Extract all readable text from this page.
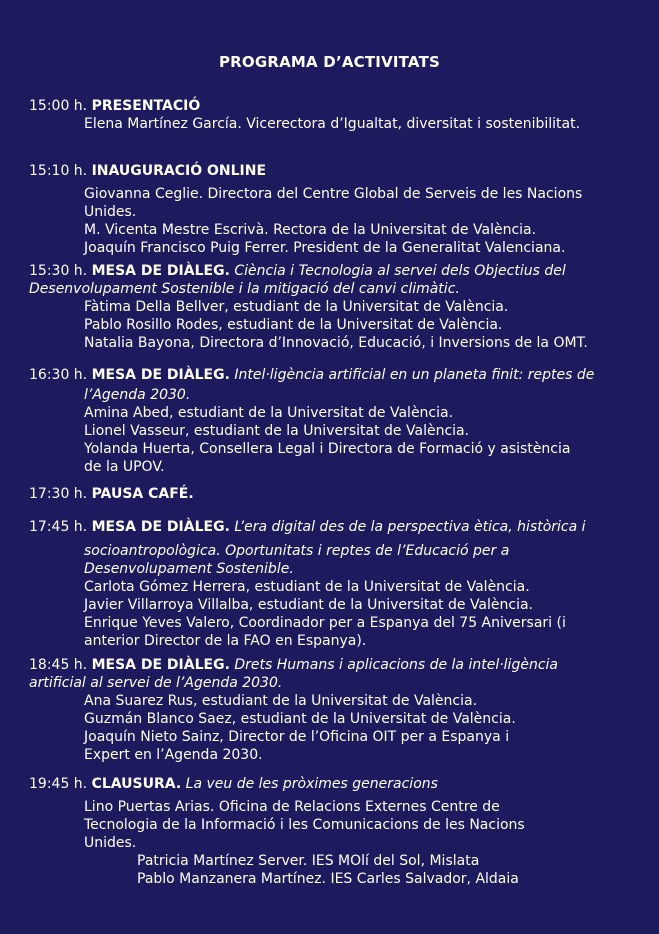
PROGRAMA D’ACTIVITATS
15:00 h. PRESENTACIÓ
Elena Martínez García. Vicerectora d’Igualtat, diversitat i sostenibilitat.
15:10 h. INAUGURACIÓ ONLINE
Giovanna Ceglie. Directora del Centre Global de Serveis de les Nacions
Unides.
M. Vicenta Mestre Escrivà. Rectora de la Universitat de València.
Joaquín Francisco Puig Ferrer. President de la Generalitat Valenciana.
15:30 h. MESA DE DIÀLEG. Ciència i Tecnologia al servei dels Objectius del
Desenvolupament Sostenible i la mitigació del canvi climàtic.
Fàtima Della Bellver, estudiant de la Universitat de València.
Pablo Rosillo Rodes, estudiant de la Universitat de València.
Natalia Bayona, Directora d’Innovació, Educació, i Inversions de la OMT.
16:30 h. MESA DE DIÀLEG. Intel·ligència artificial en un planeta finit: reptes de
l’Agenda 2030.
Amina Abed, estudiant de la Universitat de València.
Lionel Vasseur, estudiant de la Universitat de València.
Yolanda Huerta, Consellera Legal i Directora de Formació y asistència
de la UPOV.
17:30 h. PAUSA CAFÉ.
17:45 h. MESA DE DIÀLEG. L’era digital des de la perspectiva ètica, històrica i
socioantropològica. Oportunitats i reptes de l’Educació per a
Desenvolupament Sostenible.
Carlota Gómez Herrera, estudiant de la Universitat de València.
Javier Villarroya Villalba, estudiant de la Universitat de València.
Enrique Yeves Valero, Coordinador per a Espanya del 75 Aniversari (i
anterior Director de la FAO en Espanya).
18:45 h. MESA DE DIÀLEG. Drets Humans i aplicacions de la intel·ligència
artificial al servei de l’Agenda 2030.
Ana Suarez Rus, estudiant de la Universitat de València.
Guzmán Blanco Saez, estudiant de la Universitat de València.
Joaquín Nieto Sainz, Director de l’Oficina OIT per a Espanya i
Expert en l’Agenda 2030.
19:45 h. CLAUSURA. La veu de les pròximes generacions
Lino Puertas Arias. Oficina de Relacions Externes Centre de
Tecnologia de la Informació i les Comunicacions de les Nacions
Unides.
Patricia Martínez Server. IES MOlí del Sol, Mislata
Pablo Manzanera Martínez. IES Carles Salvador, Aldaia
